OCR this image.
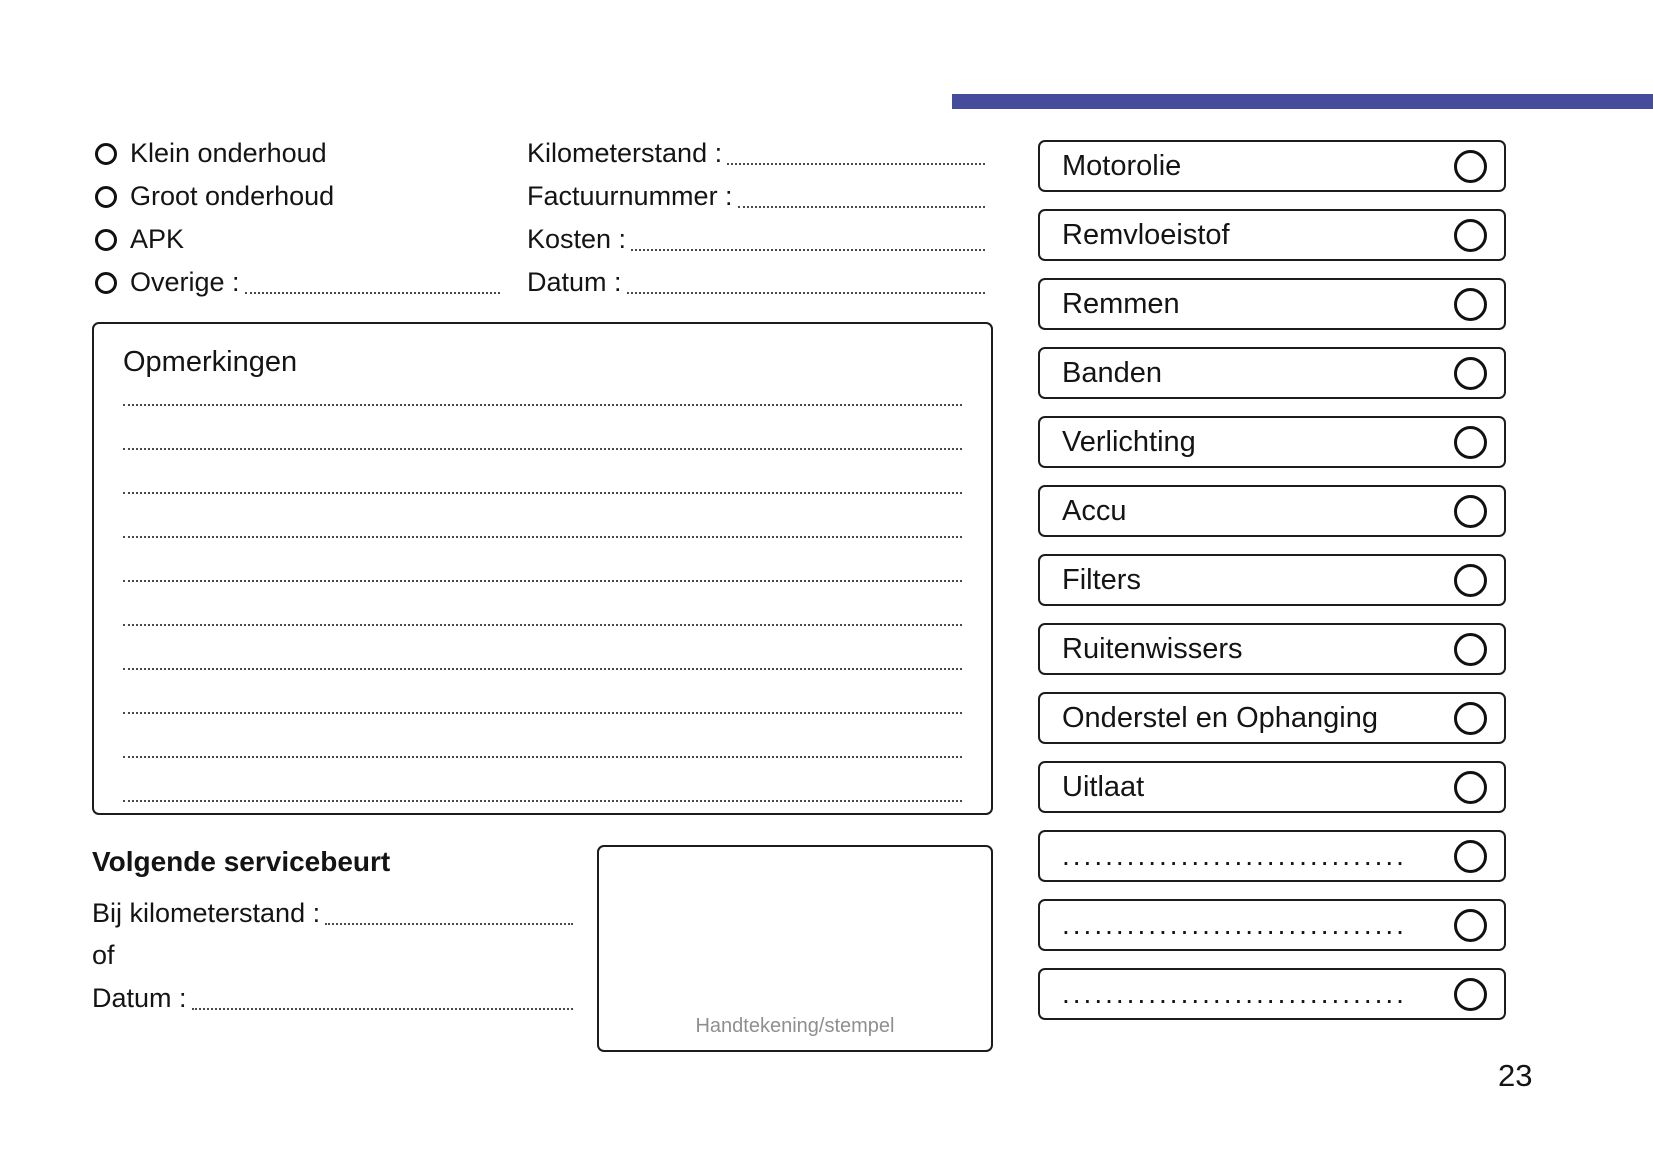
Klein onderhoud
Groot onderhoud
APK
Overige :
Kilometerstand :
Factuurnummer :
Kosten :
Datum :
Opmerkingen
Volgende servicebeurt
Bij kilometerstand :
of
Datum :
Handtekening/stempel
Motorolie
Remvloeistof
Remmen
Banden
Verlichting
Accu
Filters
Ruitenwissers
Onderstel en Ophanging
Uitlaat
................................
................................
................................
23
